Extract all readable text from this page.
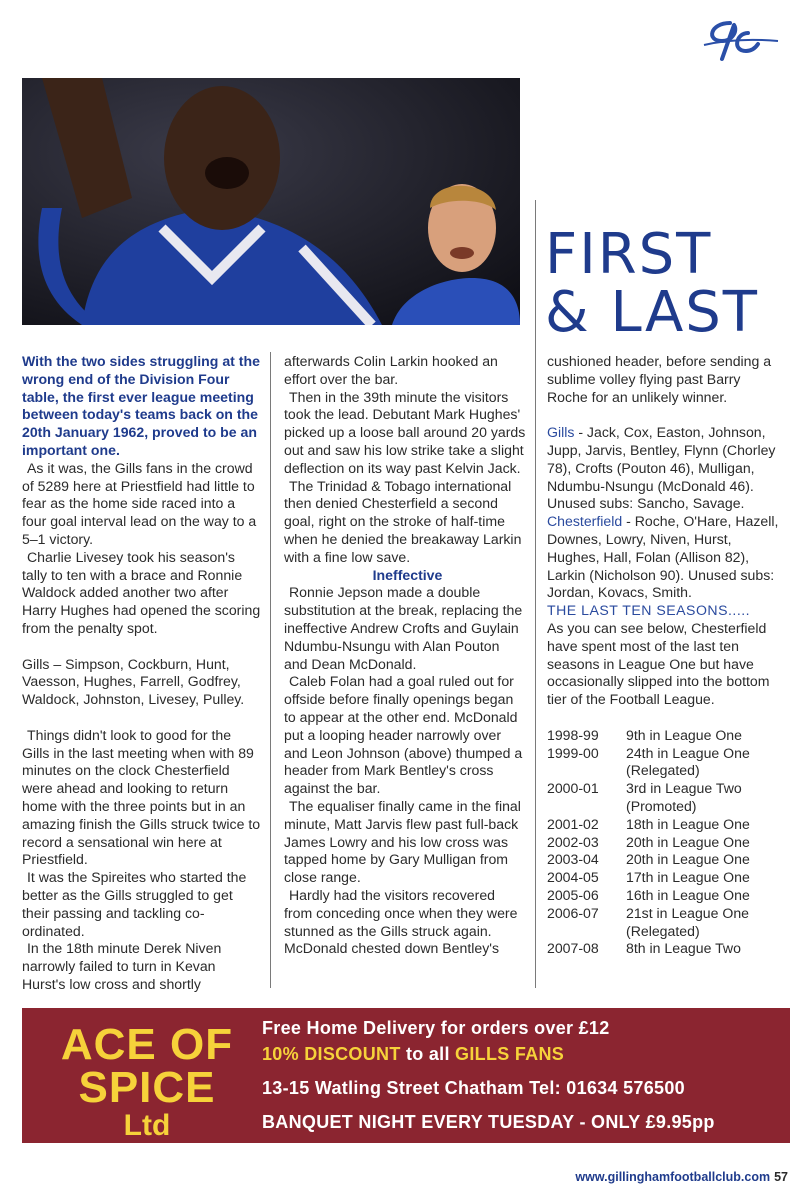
With the two sides struggling at the wrong end of the Division Four table, the first ever league meeting between today's teams back on the 20th January 1962, proved to be an important one.

As it was, the Gills fans in the crowd of 5289 here at Priestfield had little to fear as the home side raced into a four goal interval lead on the way to a 5–1 victory.

Charlie Livesey took his season's tally to ten with a brace and Ronnie Waldock added another two after Harry Hughes had opened the scoring from the penalty spot.

Gills – Simpson, Cockburn, Hunt, Vaesson, Hughes, Farrell, Godfrey, Waldock, Johnston, Livesey, Pulley.

Things didn't look to good for the Gills in the last meeting when with 89 minutes on the clock Chesterfield were ahead and looking to return home with the three points but in an amazing finish the Gills struck twice to record a sensational win here at Priestfield.

It was the Spireites who started the better as the Gills struggled to get their passing and tackling co-ordinated.

In the 18th minute Derek Niven narrowly failed to turn in Kevan Hurst's low cross and shortly

afterwards Colin Larkin hooked an effort over the bar.

Then in the 39th minute the visitors took the lead. Debutant Mark Hughes' picked up a loose ball around 20 yards out and saw his low strike take a slight deflection on its way past Kelvin Jack.

The Trinidad & Tobago international then denied Chesterfield a second goal, right on the stroke of half-time when he denied the breakaway Larkin with a fine low save.

Ineffective

Ronnie Jepson made a double substitution at the break, replacing the ineffective Andrew Crofts and Guylain Ndumbu-Nsungu with Alan Pouton and Dean McDonald.

Caleb Folan had a goal ruled out for offside before finally openings began to appear at the other end. McDonald put a looping header narrowly over and Leon Johnson (above) thumped a header from Mark Bentley's cross against the bar.

The equaliser finally came in the final minute, Matt Jarvis flew past full-back James Lowry and his low cross was tapped home by Gary Mulligan from close range.

Hardly had the visitors recovered from conceding once when they were stunned as the Gills struck again. McDonald chested down Bentley's

FIRST
& LAST

cushioned header, before sending a sublime volley flying past Barry Roche for an unlikely winner.

Gills - Jack, Cox, Easton, Johnson, Jupp, Jarvis, Bentley, Flynn (Chorley 78), Crofts (Pouton 46), Mulligan, Ndumbu-Nsungu (McDonald 46). Unused subs: Sancho, Savage.

Chesterfield - Roche, O'Hare, Hazell, Downes, Lowry, Niven, Hurst, Hughes, Hall, Folan (Allison 82), Larkin (Nicholson 90). Unused subs: Jordan, Kovacs, Smith.

THE LAST TEN SEASONS.....

As you can see below, Chesterfield have spent most of the last ten seasons in League One but have occasionally slipped into the bottom tier of the Football League.

1998-99	9th in League One
1999-00	24th in League One
(Relegated)
2000-01	3rd in League Two
(Promoted)
2001-02	18th in League One
2002-03	20th in League One
2003-04	20th in League One
2004-05	17th in League One
2005-06	16th in League One
2006-07	21st in League One
(Relegated)
2007-08	8th in League Two
ACE OF
SPICE
Ltd
Free Home Delivery for orders over £12
10% DISCOUNT to all GILLS FANS
13-15 Watling Street Chatham Tel: 01634 576500
BANQUET NIGHT EVERY TUESDAY - ONLY £9.95pp
www.gillinghamfootballclub.com 57
